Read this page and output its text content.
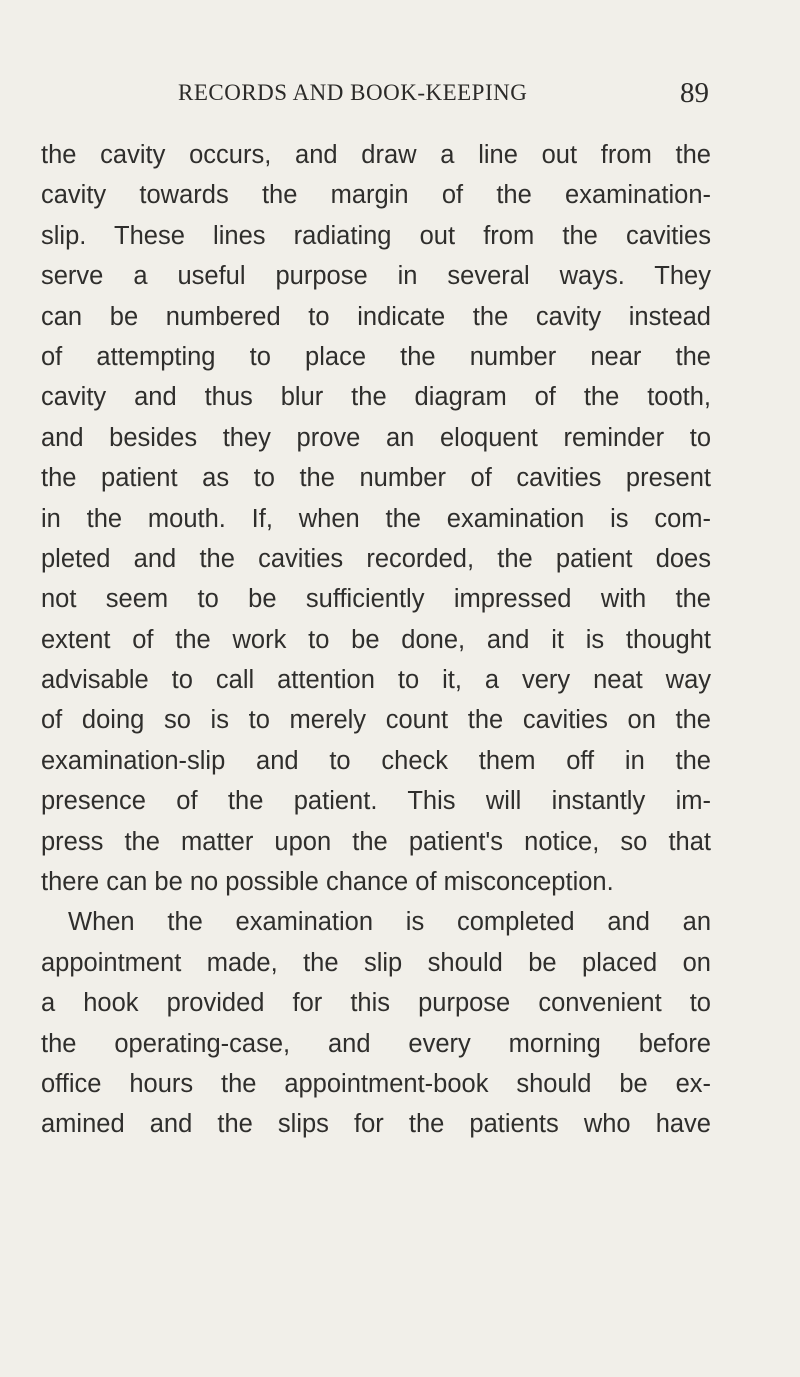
RECORDS AND BOOK-KEEPING	89
the cavity occurs, and draw a line out from the
cavity towards the margin of the examination-
slip. These lines radiating out from the cavities
serve a useful purpose in several ways. They
can be numbered to indicate the cavity instead
of attempting to place the number near the
cavity and thus blur the diagram of the tooth,
and besides they prove an eloquent reminder to
the patient as to the number of cavities present
in the mouth. If, when the examination is com-
pleted and the cavities recorded, the patient does
not seem to be sufficiently impressed with the
extent of the work to be done, and it is thought
advisable to call attention to it, a very neat way
of doing so is to merely count the cavities on the
examination-slip and to check them off in the
presence of the patient. This will instantly im-
press the matter upon the patient's notice, so that
there can be no possible chance of misconception.
When the examination is completed and an
appointment made, the slip should be placed on
a hook provided for this purpose convenient to
the operating-case, and every morning before
office hours the appointment-book should be ex-
amined and the slips for the patients who have
